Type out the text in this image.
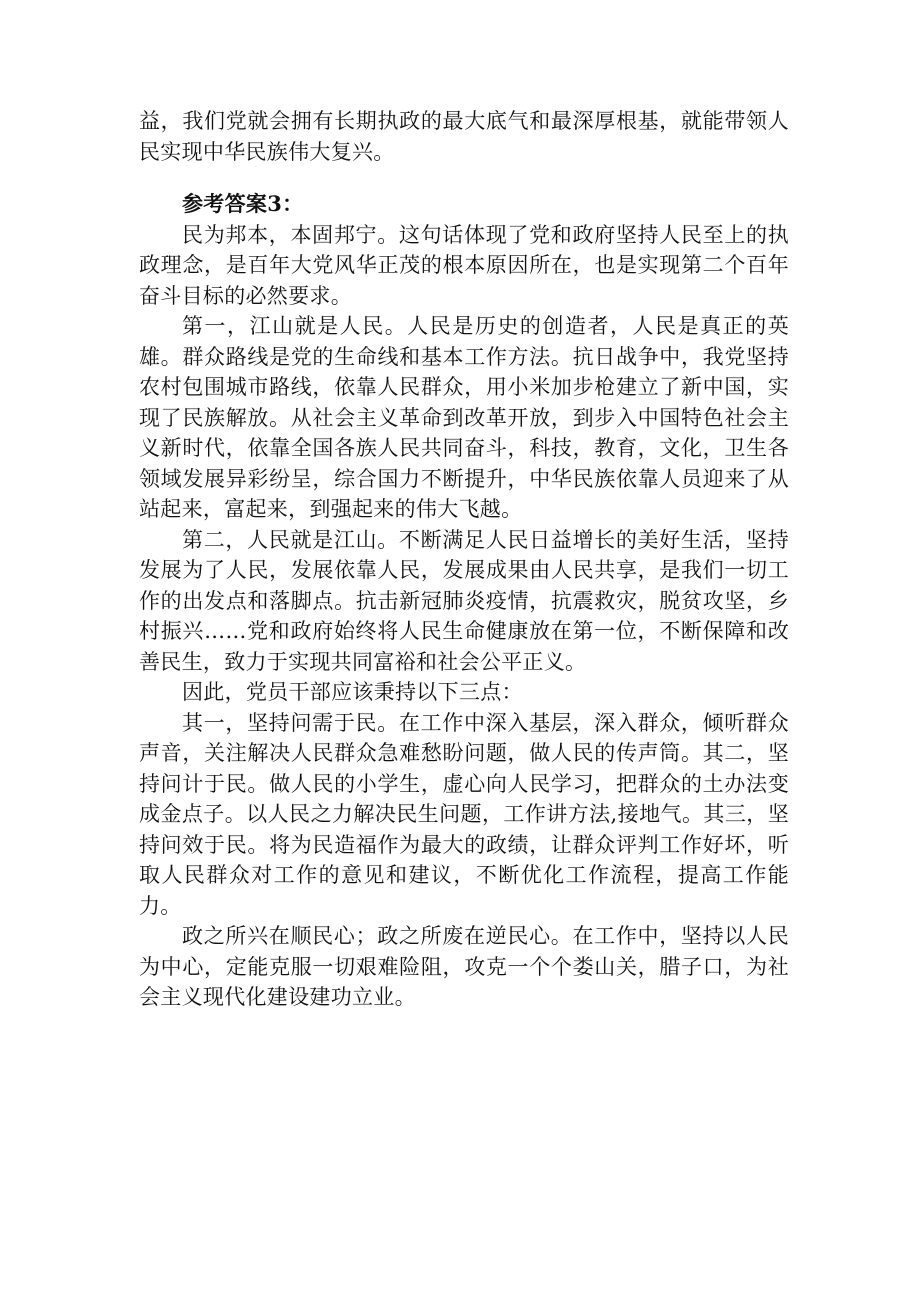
益，我们党就会拥有长期执政的最大底气和最深厚根基，就能带领人民实现中华民族伟大复兴。

参考答案3：

民为邦本，本固邦宁。这句话体现了党和政府坚持人民至上的执政理念，是百年大党风华正茂的根本原因所在，也是实现第二个百年奋斗目标的必然要求。

第一，江山就是人民。人民是历史的创造者，人民是真正的英雄。群众路线是党的生命线和基本工作方法。抗日战争中，我党坚持农村包围城市路线，依靠人民群众，用小米加步枪建立了新中国，实现了民族解放。从社会主义革命到改革开放，到步入中国特色社会主义新时代，依靠全国各族人民共同奋斗，科技，教育，文化，卫生各领域发展异彩纷呈，综合国力不断提升，中华民族依靠人员迎来了从站起来，富起来，到强起来的伟大飞越。

第二，人民就是江山。不断满足人民日益增长的美好生活，坚持发展为了人民，发展依靠人民，发展成果由人民共享，是我们一切工作的出发点和落脚点。抗击新冠肺炎疫情，抗震救灾，脱贫攻坚，乡村振兴……党和政府始终将人民生命健康放在第一位，不断保障和改善民生，致力于实现共同富裕和社会公平正义。

因此，党员干部应该秉持以下三点：

其一，坚持问需于民。在工作中深入基层，深入群众，倾听群众声音，关注解决人民群众急难愁盼问题，做人民的传声筒。其二，坚持问计于民。做人民的小学生，虚心向人民学习，把群众的土办法变成金点子。以人民之力解决民生问题，工作讲方法,接地气。其三，坚持问效于民。将为民造福作为最大的政绩，让群众评判工作好坏，听取人民群众对工作的意见和建议，不断优化工作流程，提高工作能力。

政之所兴在顺民心；政之所废在逆民心。在工作中，坚持以人民为中心，定能克服一切艰难险阻，攻克一个个娄山关，腊子口，为社会主义现代化建设建功立业。
